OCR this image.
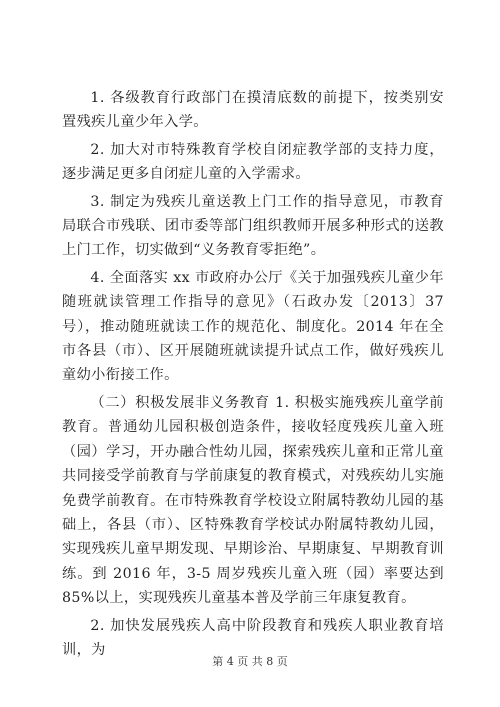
1. 各级教育行政部门在摸清底数的前提下，按类别安置残疾儿童少年入学。

2. 加大对市特殊教育学校自闭症教学部的支持力度，逐步满足更多自闭症儿童的入学需求。

3. 制定为残疾儿童送教上门工作的指导意见，市教育局联合市残联、团市委等部门组织教师开展多种形式的送教上门工作，切实做到“义务教育零拒绝”。

4. 全面落实 xx 市政府办公厅《关于加强残疾儿童少年随班就读管理工作指导的意见》（石政办发〔2013〕37 号），推动随班就读工作的规范化、制度化。2014 年在全市各县（市）、区开展随班就读提升试点工作，做好残疾儿童幼小衔接工作。

（二）积极发展非义务教育 1. 积极实施残疾儿童学前教育。普通幼儿园积极创造条件，接收轻度残疾儿童入班（园）学习，开办融合性幼儿园，探索残疾儿童和正常儿童共同接受学前教育与学前康复的教育模式，对残疾幼儿实施免费学前教育。在市特殊教育学校设立附属特教幼儿园的基础上，各县（市）、区特殊教育学校试办附属特教幼儿园，实现残疾儿童早期发现、早期诊治、早期康复、早期教育训练。到 2016 年，3-5 周岁残疾儿童入班（园）率要达到 85%以上，实现残疾儿童基本普及学前三年康复教育。

2. 加快发展残疾人高中阶段教育和残疾人职业教育培训，为

第 4 页 共 8 页
